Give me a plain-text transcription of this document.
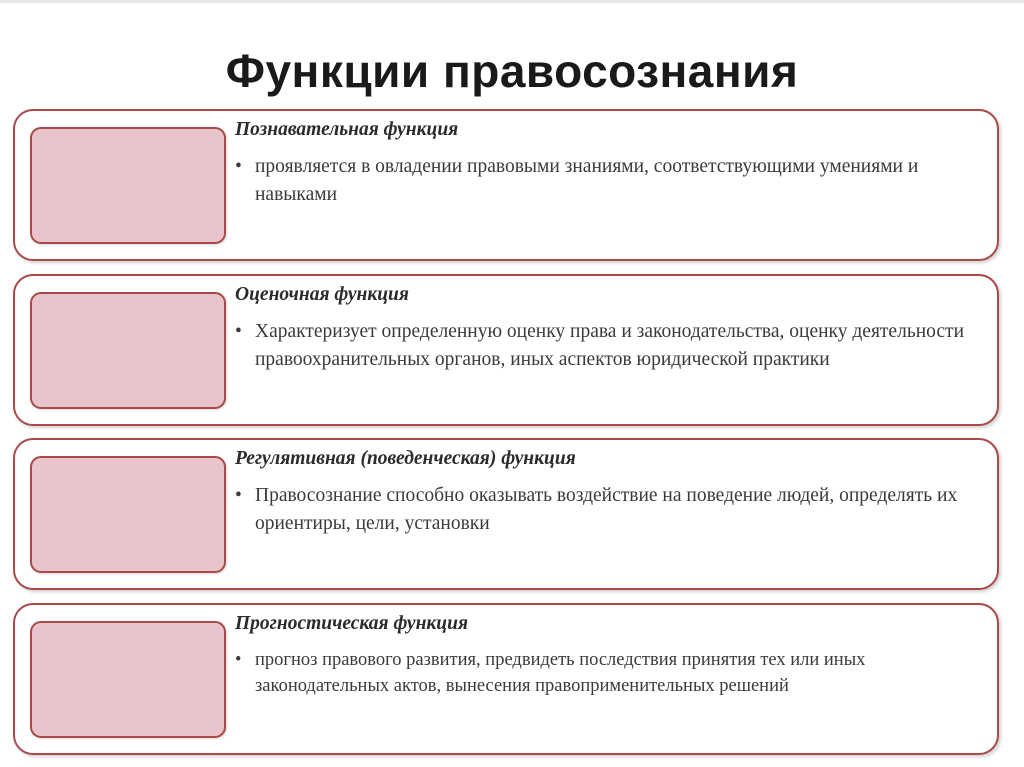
Функции правосознания
Познавательная функция
• проявляется в овладении правовыми знаниями, соответствующими умениями и навыками
Оценочная функция
• Характеризует определенную оценку права и законодательства, оценку деятельности правоохранительных органов, иных аспектов юридической практики
Регулятивная (поведенческая) функция
• Правосознание способно оказывать воздействие на поведение людей, определять их ориентиры, цели, установки
Прогностическая функция
• прогноз правового развития, предвидеть последствия принятия тех или иных законодательных актов, вынесения правоприменительных решений
